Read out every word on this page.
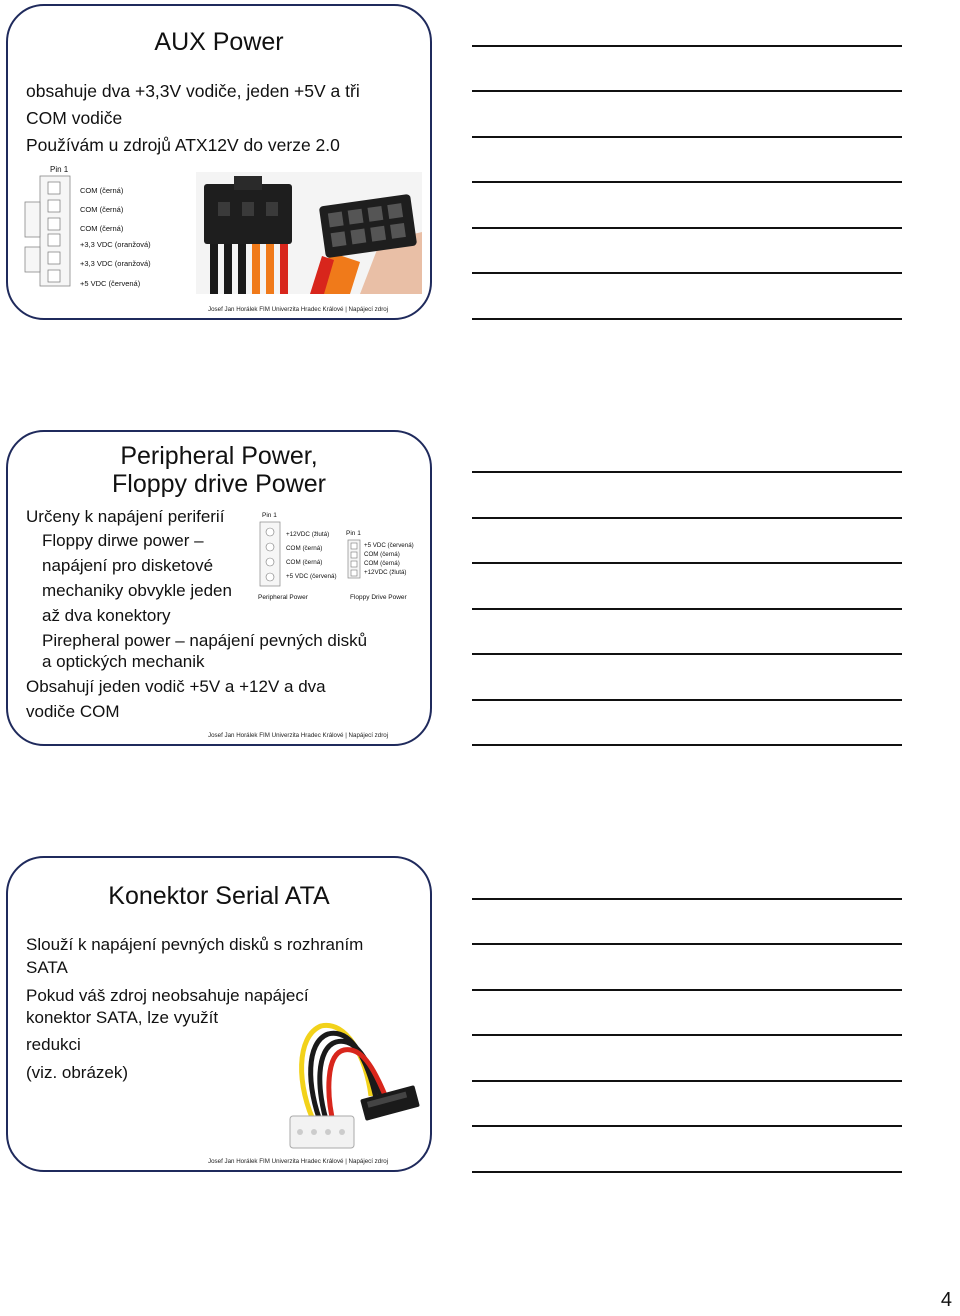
AUX Power
obsahuje dva +3,3V vodiče, jeden +5V a tři
COM vodiče
Používám u zdrojů ATX12V do verze 2.0
Pin 1
COM (černá)
COM (černá)
COM (černá)
+3,3 VDC (oranžová)
+3,3 VDC (oranžová)
+5 VDC (červená)
Josef Jan Horálek FIM Univerzita Hradec Králové | Napájecí zdroj
Peripheral Power,
Floppy drive Power
Určeny k napájení periferií
Floppy dirwe power –
napájení pro disketové
mechaniky obvykle jeden
až dva konektory
Pirepheral power – napájení pevných disků
a optických mechanik
Obsahují jeden vodič +5V a +12V a dva
vodiče COM
Pin 1
+12VDC (žlutá)
COM (černá)
COM (černá)
+5 VDC (červená)
Peripheral Power
Pin 1
+5 VDC (červená)
COM (černá)
COM (černá)
+12VDC (žlutá)
Floppy Drive Power
Josef Jan Horálek FIM Univerzita Hradec Králové | Napájecí zdroj
Konektor Serial ATA
Slouží k napájení pevných disků s rozhraním
SATA
Pokud váš zdroj neobsahuje napájecí
konektor SATA, lze využít
redukci
(viz. obrázek)
Josef Jan Horálek FIM Univerzita Hradec Králové | Napájecí zdroj
4
